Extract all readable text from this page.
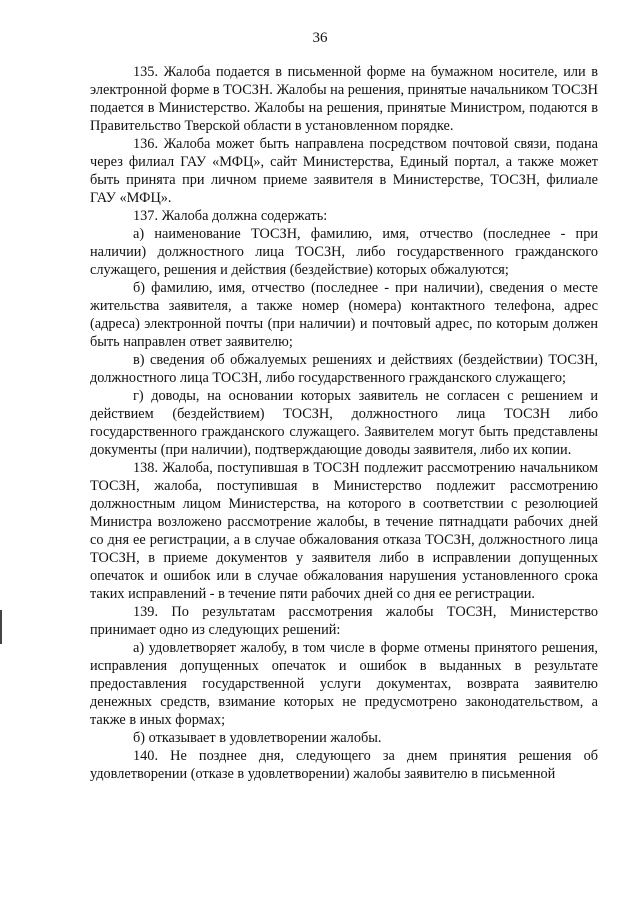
36

135. Жалоба подается в письменной форме на бумажном носителе, или в электронной форме в ТОСЗН. Жалобы на решения, принятые начальником ТОСЗН подается в Министерство. Жалобы на решения, принятые Министром, подаются в Правительство Тверской области в установленном порядке.

136. Жалоба может быть направлена посредством почтовой связи, подана через филиал ГАУ «МФЦ», сайт Министерства, Единый портал, а также может быть принята при личном приеме заявителя в Министерстве, ТОСЗН, филиале ГАУ «МФЦ».

137. Жалоба должна содержать:

а) наименование ТОСЗН, фамилию, имя, отчество (последнее - при наличии) должностного лица ТОСЗН, либо государственного гражданского служащего, решения и действия (бездействие) которых обжалуются;

б) фамилию, имя, отчество (последнее - при наличии), сведения о месте жительства заявителя, а также номер (номера) контактного телефона, адрес (адреса) электронной почты (при наличии) и почтовый адрес, по которым должен быть направлен ответ заявителю;

в) сведения об обжалуемых решениях и действиях (бездействии) ТОСЗН, должностного лица ТОСЗН, либо государственного гражданского служащего;

г) доводы, на основании которых заявитель не согласен с решением и действием (бездействием) ТОСЗН, должностного лица ТОСЗН либо государственного гражданского служащего. Заявителем могут быть представлены документы (при наличии), подтверждающие доводы заявителя, либо их копии.

138. Жалоба, поступившая в ТОСЗН подлежит рассмотрению начальником ТОСЗН, жалоба, поступившая в Министерство подлежит рассмотрению должностным лицом Министерства, на которого в соответствии с резолюцией Министра возложено рассмотрение жалобы, в течение пятнадцати рабочих дней со дня ее регистрации, а в случае обжалования отказа ТОСЗН, должностного лица ТОСЗН, в приеме документов у заявителя либо в исправлении допущенных опечаток и ошибок или в случае обжалования нарушения установленного срока таких исправлений - в течение пяти рабочих дней со дня ее регистрации.

139. По результатам рассмотрения жалобы ТОСЗН, Министерство принимает одно из следующих решений:

а) удовлетворяет жалобу, в том числе в форме отмены принятого решения, исправления допущенных опечаток и ошибок в выданных в результате предоставления государственной услуги документах, возврата заявителю денежных средств, взимание которых не предусмотрено законодательством, а также в иных формах;

б) отказывает в удовлетворении жалобы.

140. Не позднее дня, следующего за днем принятия решения об удовлетворении (отказе в удовлетворении) жалобы заявителю в письменной
